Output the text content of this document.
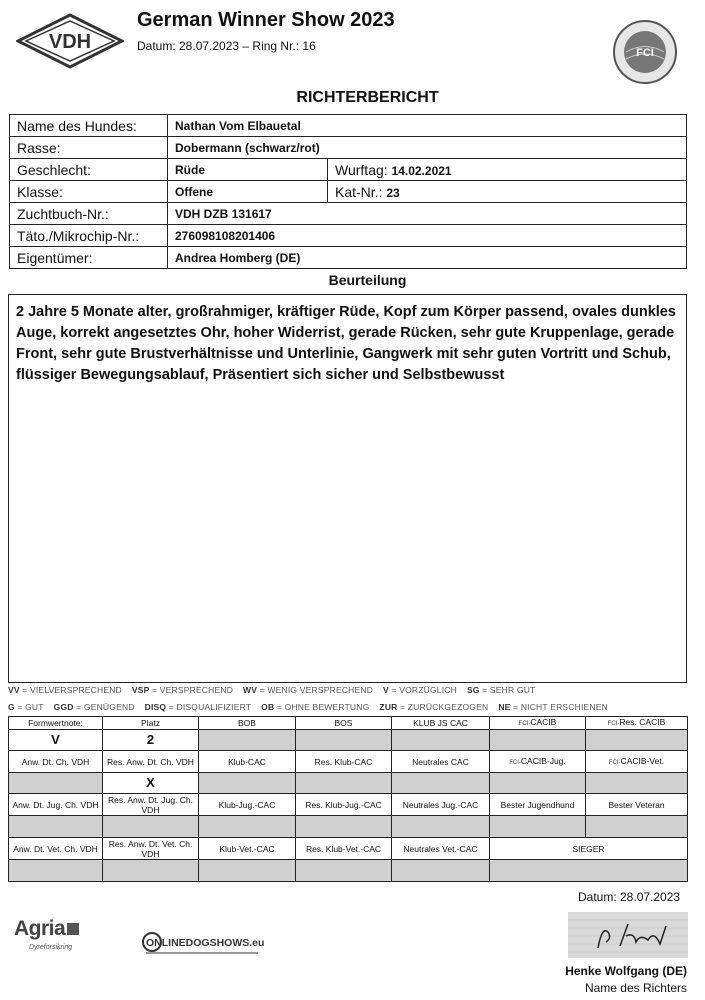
VDH
German Winner Show 2023
Datum: 28.07.2023 – Ring Nr.: 16	FCI
RICHTERBERICHT
Name des Hundes:	Nathan Vom Elbauetal	
Rasse:	Dobermann (schwarz/rot)	
Geschlecht:	Rüde	Wurftag: 14.02.2021
Klasse:	Offene	Kat-Nr.: 23
Zuchtbuch-Nr.:	VDH DZB 131617	
Täto./Mikrochip-Nr.:	276098108201406	
Eigentümer:	Andrea Homberg (DE)	
Beurteilung
2 Jahre 5 Monate alter, großrahmiger, kräftiger Rüde, Kopf zum Körper passend, ovales dunkles Auge, korrekt angesetztes Ohr, hoher Widerrist, gerade Rücken, sehr gute Kruppenlage, gerade Front, sehr gute Brustverhältnisse und Unterlinie, Gangwerk mit sehr guten Vortritt und Schub, flüssiger Bewegungsablauf, Präsentiert sich sicher und Selbstbewusst
VV = VIELVERSPRECHEND VSP = VERSPRECHEND WV = WENIG VERSPRECHEND V = VORZÜGLICH SG = SEHR GUT
G = GUT GGD = GENÜGEND DISQ = DISQUALIFIZIERT OB = OHNE BEWERTUNG ZUR = ZURÜCKGEZOGEN NE = NICHT ERSCHIENEN
Formwertnote:	Platz	BOB	BOS	KLUB JS CAC	FCI-CACIB	FCI-Res. CACIB
V	2					
Anw. Dt. Ch. VDH	Res. Anw. Dt. Ch. VDH	Klub-CAC	Res. Klub-CAC	Neutrales CAC	FCI-CACIB-Jug.	FCI-CACIB-Vet.
	X					
Anw. Dt. Jug. Ch. VDH	Res. Anw. Dt. Jug. Ch. VDH	Klub-Jug.-CAC	Res. Klub-Jug.-CAC	Neutrales Jug.-CAC	Bester Jugendhund	Bester Veteran

Anw. Dt. Vet. Ch. VDH	Res. Anw. Dt. Vet. Ch. VDH	Klub-Vet.-CAC	Res. Klub-Vet.-CAC	Neutrales Vet.-CAC	SIEGER	

Datum: 28.07.2023
Agria
Dyreforsikring	ONLINEDOGSHOWS.eu
Henke Wolfgang (DE)
Name des Richters
